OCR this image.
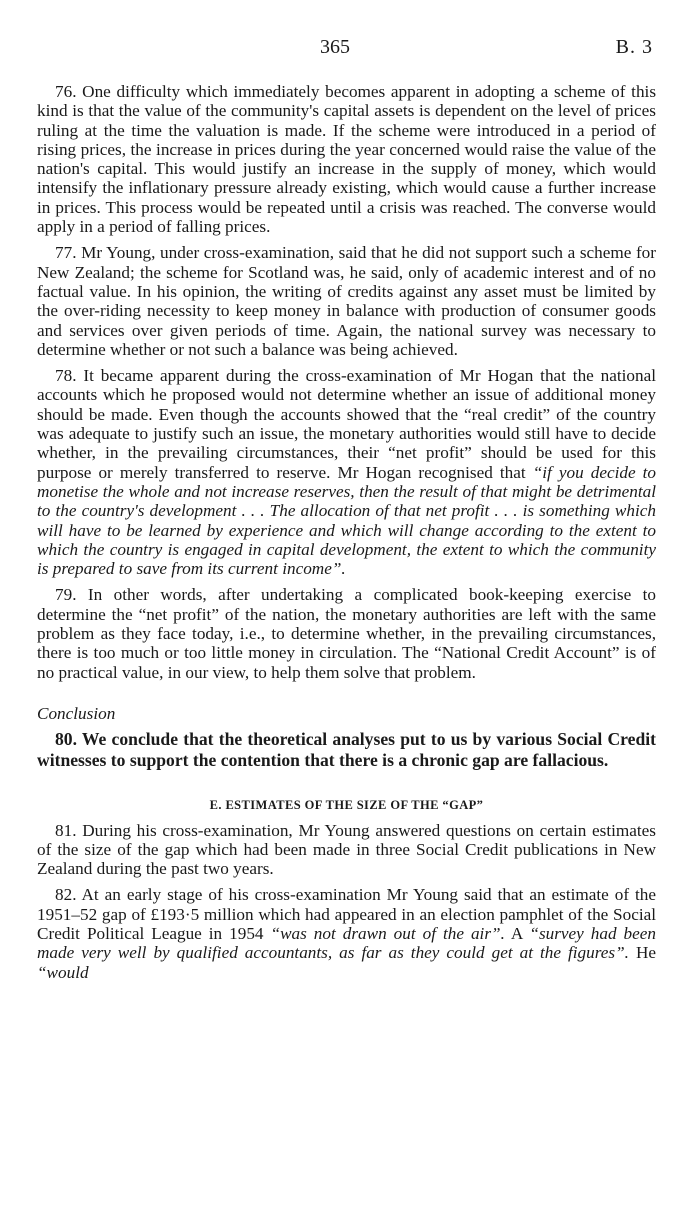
365	B. 3

76. One difficulty which immediately becomes apparent in adopting a scheme of this kind is that the value of the community's capital assets is dependent on the level of prices ruling at the time the valuation is made. If the scheme were introduced in a period of rising prices, the increase in prices during the year concerned would raise the value of the nation's capital. This would justify an increase in the supply of money, which would intensify the inflationary pressure already existing, which would cause a further increase in prices. This process would be repeated until a crisis was reached. The converse would apply in a period of falling prices.

77. Mr Young, under cross-examination, said that he did not support such a scheme for New Zealand; the scheme for Scotland was, he said, only of academic interest and of no factual value. In his opinion, the writing of credits against any asset must be limited by the over-riding necessity to keep money in balance with production of consumer goods and services over given periods of time. Again, the national survey was necessary to determine whether or not such a balance was being achieved.

78. It became apparent during the cross-examination of Mr Hogan that the national accounts which he proposed would not determine whether an issue of additional money should be made. Even though the accounts showed that the “real credit” of the country was adequate to justify such an issue, the monetary authorities would still have to decide whether, in the prevailing circumstances, their “net profit” should be used for this purpose or merely transferred to reserve. Mr Hogan recognised that “if you decide to monetise the whole and not increase reserves, then the result of that might be detrimental to the country's development . . . The allocation of that net profit . . . is something which will have to be learned by experience and which will change according to the extent to which the country is engaged in capital development, the extent to which the community is prepared to save from its current income”.

79. In other words, after undertaking a complicated book-keeping exercise to determine the “net profit” of the nation, the monetary authorities are left with the same problem as they face today, i.e., to determine whether, in the prevailing circumstances, there is too much or too little money in circulation. The “National Credit Account” is of no practical value, in our view, to help them solve that problem.

Conclusion

80. We conclude that the theoretical analyses put to us by various Social Credit witnesses to support the contention that there is a chronic gap are fallacious.

E. ESTIMATES OF THE SIZE OF THE “GAP”

81. During his cross-examination, Mr Young answered questions on certain estimates of the size of the gap which had been made in three Social Credit publications in New Zealand during the past two years.

82. At an early stage of his cross-examination Mr Young said that an estimate of the 1951–52 gap of £193·5 million which had appeared in an election pamphlet of the Social Credit Political League in 1954 “was not drawn out of the air”. A “survey had been made very well by qualified accountants, as far as they could get at the figures”. He “would
